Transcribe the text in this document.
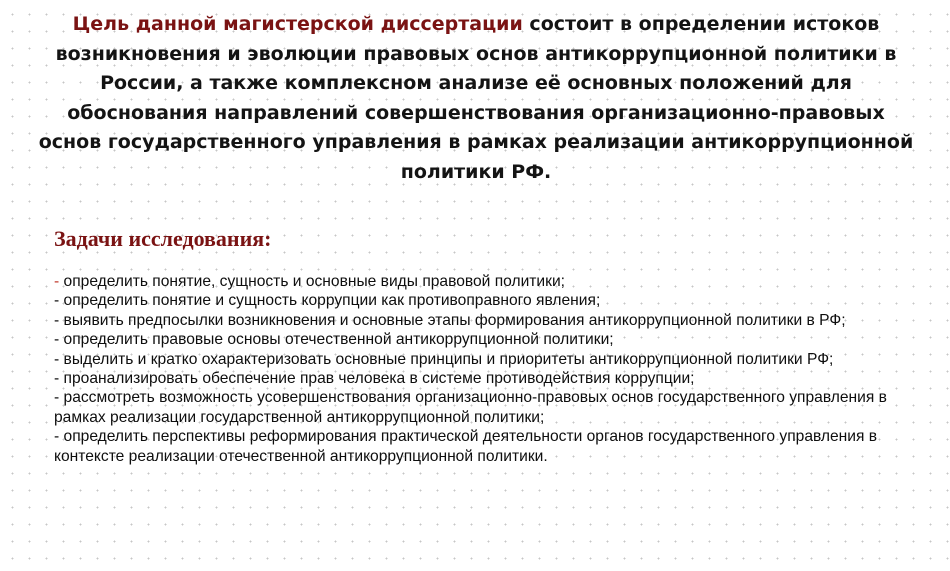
Цель данной магистерской диссертации состоит в определении истоков возникновения и эволюции правовых основ антикоррупционной политики в России, а также комплексном анализе её основных положений для обоснования направлений совершенствования организационно-правовых основ государственного управления в рамках реализации антикоррупционной политики РФ.

Задачи исследования:
- определить понятие, сущность и основные виды правовой политики;
- определить понятие и сущность коррупции как противоправного явления;
- выявить предпосылки возникновения и основные этапы формирования антикоррупционной политики в РФ;
- определить правовые основы отечественной антикоррупционной политики;
- выделить и кратко охарактеризовать основные принципы и приоритеты антикоррупционной политики РФ;
- проанализировать обеспечение прав человека в системе противодействия коррупции;
- рассмотреть возможность усовершенствования организационно-правовых основ государственного управления в рамках реализации государственной антикоррупционной политики;
- определить перспективы реформирования практической деятельности органов государственного управления в контексте реализации отечественной антикоррупционной политики.
